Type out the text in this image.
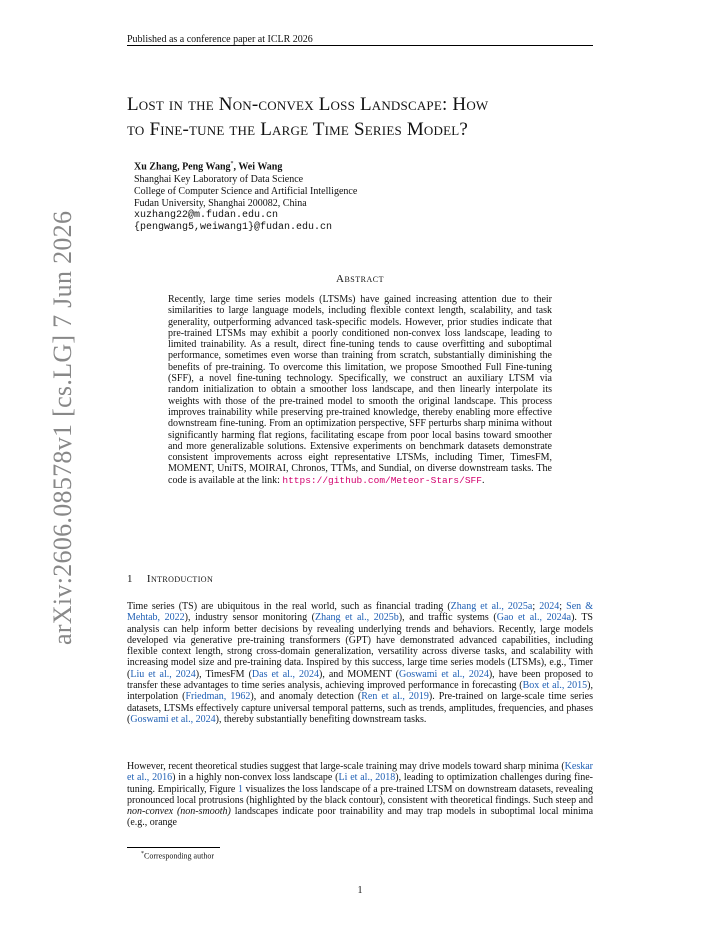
Published as a conference paper at ICLR 2026
arXiv:2606.08578v1 [cs.LG] 7 Jun 2026
Lost in the Non-convex Loss Landscape: How
to Fine-tune the Large Time Series Model?
Xu Zhang, Peng Wang*, Wei Wang
Shanghai Key Laboratory of Data Science
College of Computer Science and Artificial Intelligence
Fudan University, Shanghai 200082, China
xuzhang22@m.fudan.edu.cn
{pengwang5,weiwang1}@fudan.edu.cn
Abstract
Recently, large time series models (LTSMs) have gained increasing attention due to their similarities to large language models, including flexible context length, scalability, and task generality, outperforming advanced task-specific models. However, prior studies indicate that pre-trained LTSMs may exhibit a poorly conditioned non-convex loss landscape, leading to limited trainability. As a result, direct fine-tuning tends to cause overfitting and suboptimal performance, sometimes even worse than training from scratch, substantially diminishing the benefits of pre-training. To overcome this limitation, we propose Smoothed Full Fine-tuning (SFF), a novel fine-tuning technology. Specifically, we construct an auxiliary LTSM via random initialization to obtain a smoother loss landscape, and then linearly interpolate its weights with those of the pre-trained model to smooth the original landscape. This process improves trainability while preserving pre-trained knowledge, thereby enabling more effective downstream fine-tuning. From an optimization perspective, SFF perturbs sharp minima without significantly harming flat regions, facilitating escape from poor local basins toward smoother and more generalizable solutions. Extensive experiments on benchmark datasets demonstrate consistent improvements across eight representative LTSMs, including Timer, TimesFM, MOMENT, UniTS, MOIRAI, Chronos, TTMs, and Sundial, on diverse downstream tasks. The code is available at the link: https://github.com/Meteor-Stars/SFF.
1 Introduction
Time series (TS) are ubiquitous in the real world, such as financial trading (Zhang et al., 2025a; 2024; Sen & Mehtab, 2022), industry sensor monitoring (Zhang et al., 2025b), and traffic systems (Gao et al., 2024a). TS analysis can help inform better decisions by revealing underlying trends and behaviors. Recently, large models developed via generative pre-training transformers (GPT) have demonstrated advanced capabilities, including flexible context length, strong cross-domain generalization, versatility across diverse tasks, and scalability with increasing model size and pre-training data. Inspired by this success, large time series models (LTSMs), e.g., Timer (Liu et al., 2024), TimesFM (Das et al., 2024), and MOMENT (Goswami et al., 2024), have been proposed to transfer these advantages to time series analysis, achieving improved performance in forecasting (Box et al., 2015), interpolation (Friedman, 1962), and anomaly detection (Ren et al., 2019). Pre-trained on large-scale time series datasets, LTSMs effectively capture universal temporal patterns, such as trends, amplitudes, frequencies, and phases (Goswami et al., 2024), thereby substantially benefiting downstream tasks.
However, recent theoretical studies suggest that large-scale training may drive models toward sharp minima (Keskar et al., 2016) in a highly non-convex loss landscape (Li et al., 2018), leading to optimization challenges during fine-tuning. Empirically, Figure 1 visualizes the loss landscape of a pre-trained LTSM on downstream datasets, revealing pronounced local protrusions (highlighted by the black contour), consistent with theoretical findings. Such steep and non-convex (non-smooth) landscapes indicate poor trainability and may trap models in suboptimal local minima (e.g., orange
*Corresponding author
1
